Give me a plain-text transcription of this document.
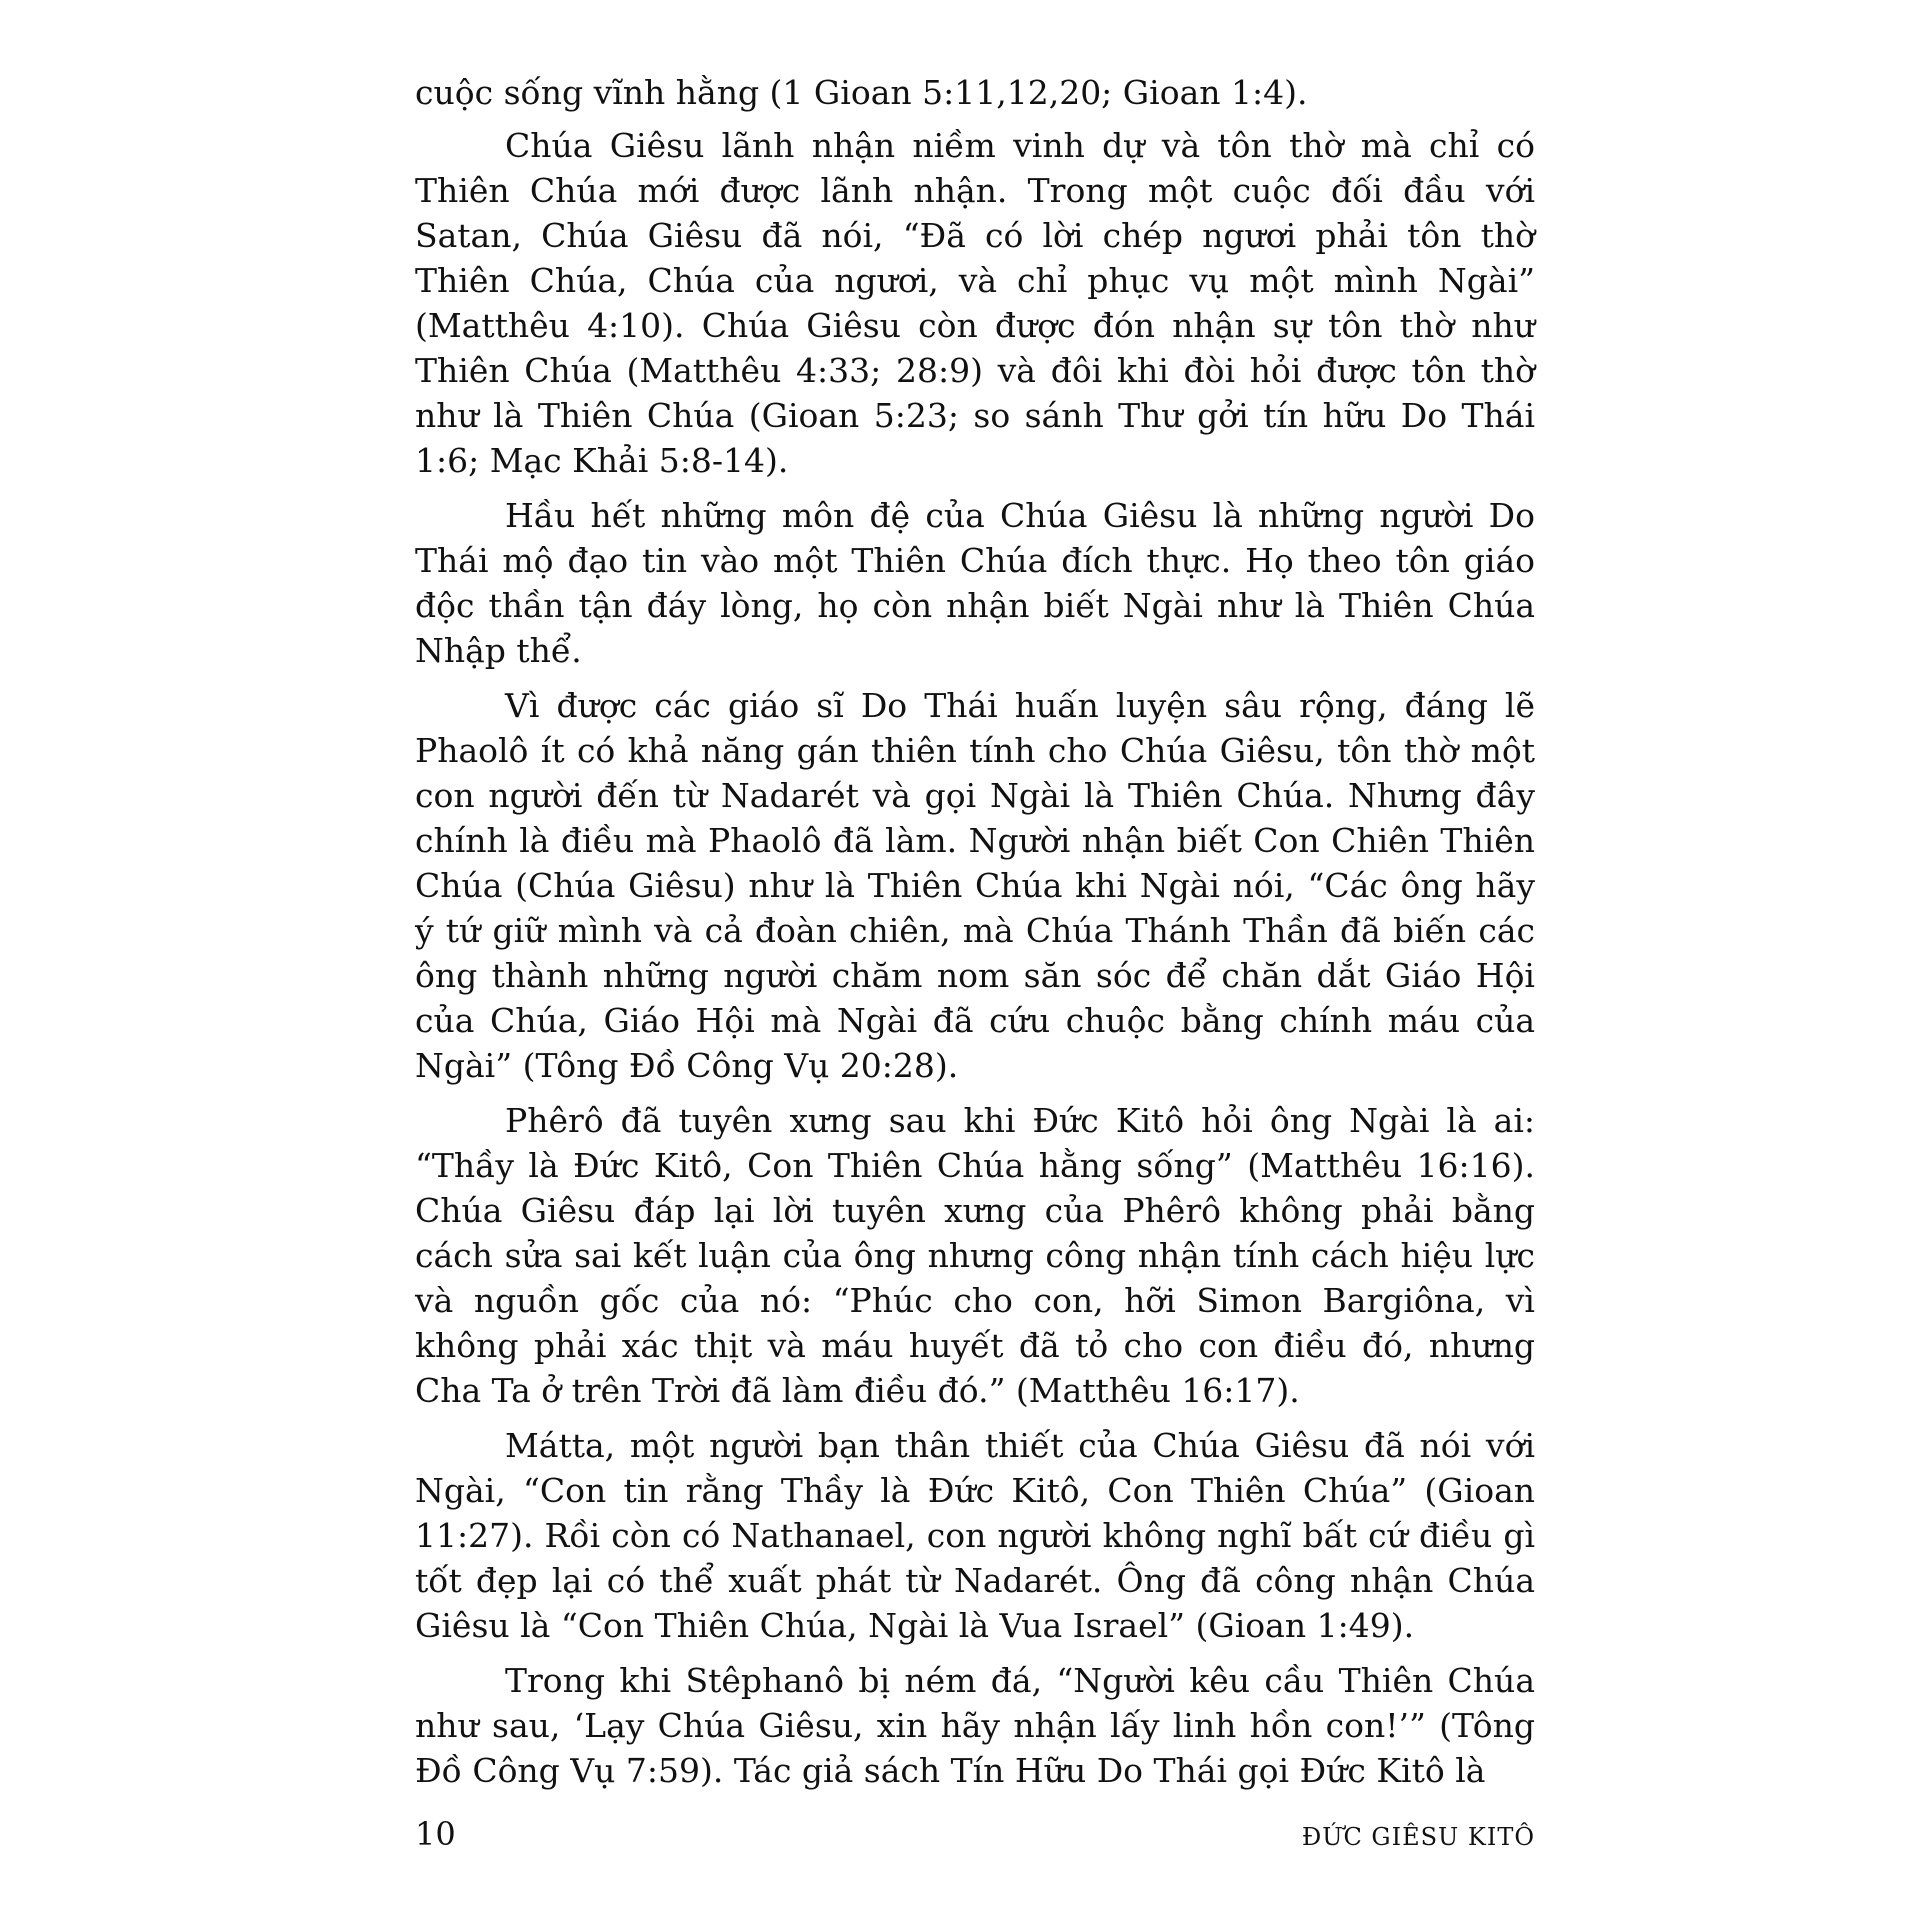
cuộc sống vĩnh hằng (1 Gioan 5:11,12,20; Gioan 1:4).

Chúa Giêsu lãnh nhận niềm vinh dự và tôn thờ mà chỉ có Thiên Chúa mới được lãnh nhận. Trong một cuộc đối đầu với Satan, Chúa Giêsu đã nói, “Đã có lời chép ngươi phải tôn thờ Thiên Chúa, Chúa của ngươi, và chỉ phục vụ một mình Ngài” (Matthêu 4:10). Chúa Giêsu còn được đón nhận sự tôn thờ như Thiên Chúa (Matthêu 4:33; 28:9) và đôi khi đòi hỏi được tôn thờ như là Thiên Chúa (Gioan 5:23; so sánh Thư gởi tín hữu Do Thái 1:6; Mạc Khải 5:8-14).

Hầu hết những môn đệ của Chúa Giêsu là những người Do Thái mộ đạo tin vào một Thiên Chúa đích thực. Họ theo tôn giáo độc thần tận đáy lòng, họ còn nhận biết Ngài như là Thiên Chúa Nhập thể.

Vì được các giáo sĩ Do Thái huấn luyện sâu rộng, đáng lẽ Phaolô ít có khả năng gán thiên tính cho Chúa Giêsu, tôn thờ một con người đến từ Nadarét và gọi Ngài là Thiên Chúa. Nhưng đây chính là điều mà Phaolô đã làm. Người nhận biết Con Chiên Thiên Chúa (Chúa Giêsu) như là Thiên Chúa khi Ngài nói, “Các ông hãy ý tứ giữ mình và cả đoàn chiên, mà Chúa Thánh Thần đã biến các ông thành những người chăm nom săn sóc để chăn dắt Giáo Hội của Chúa, Giáo Hội mà Ngài đã cứu chuộc bằng chính máu của Ngài” (Tông Đồ Công Vụ 20:28).

Phêrô đã tuyên xưng sau khi Đức Kitô hỏi ông Ngài là ai: “Thầy là Đức Kitô, Con Thiên Chúa hằng sống” (Matthêu 16:16). Chúa Giêsu đáp lại lời tuyên xưng của Phêrô không phải bằng cách sửa sai kết luận của ông nhưng công nhận tính cách hiệu lực và nguồn gốc của nó: “Phúc cho con, hỡi Simon Bargiôna, vì không phải xác thịt và máu huyết đã tỏ cho con điều đó, nhưng Cha Ta ở trên Trời đã làm điều đó.” (Matthêu 16:17).

Mátta, một người bạn thân thiết của Chúa Giêsu đã nói với Ngài, “Con tin rằng Thầy là Đức Kitô, Con Thiên Chúa” (Gioan 11:27). Rồi còn có Nathanael, con người không nghĩ bất cứ điều gì tốt đẹp lại có thể xuất phát từ Nadarét. Ông đã công nhận Chúa Giêsu là “Con Thiên Chúa, Ngài là Vua Israel” (Gioan 1:49).

Trong khi Stêphanô bị ném đá, “Người kêu cầu Thiên Chúa như sau, ‘Lạy Chúa Giêsu, xin hãy nhận lấy linh hồn con!’” (Tông Đồ Công Vụ 7:59). Tác giả sách Tín Hữu Do Thái gọi Đức Kitô là

10	ĐỨC GIÊSU KITÔ
